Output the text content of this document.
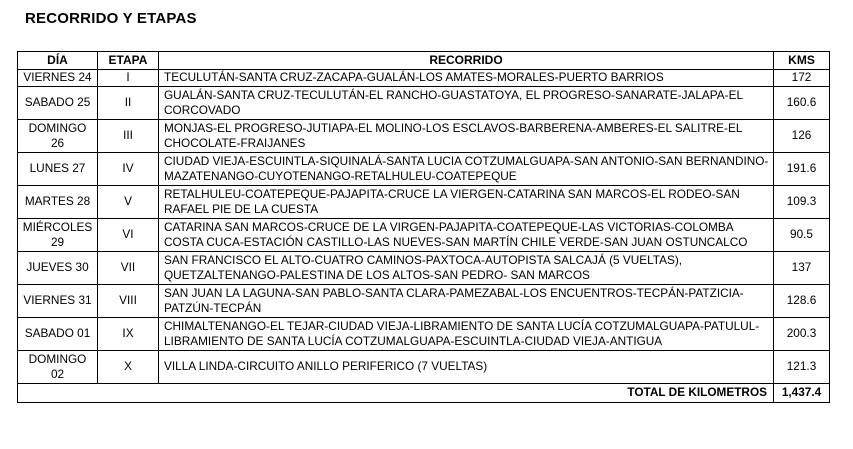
RECORRIDO Y ETAPAS
DÍA	ETAPA	RECORRIDO	KMS
VIERNES 24	I	TECULUTÁN-SANTA CRUZ-ZACAPA-GUALÁN-LOS AMATES-MORALES-PUERTO BARRIOS	172
SABADO 25	II	GUALÁN-SANTA CRUZ-TECULUTÁN-EL RANCHO-GUASTATOYA, EL PROGRESO-SANARATE-JALAPA-EL CORCOVADO	160.6
DOMINGO 26	III	MONJAS-EL PROGRESO-JUTIAPA-EL MOLINO-LOS ESCLAVOS-BARBERENA-AMBERES-EL SALITRE-EL CHOCOLATE-FRAIJANES	126
LUNES 27	IV	CIUDAD VIEJA-ESCUINTLA-SIQUINALÁ-SANTA LUCIA COTZUMALGUAPA-SAN ANTONIO-SAN BERNANDINO-MAZATENANGO-CUYOTENANGO-RETALHULEU-COATEPEQUE	191.6
MARTES 28	V	RETALHULEU-COATEPEQUE-PAJAPITA-CRUCE LA VIERGEN-CATARINA SAN MARCOS-EL RODEO-SAN RAFAEL PIE DE LA CUESTA	109.3
MIÉRCOLES 29	VI	CATARINA SAN MARCOS-CRUCE DE LA VIRGEN-PAJAPITA-COATEPEQUE-LAS VICTORIAS-COLOMBA COSTA CUCA-ESTACIÓN CASTILLO-LAS NUEVES-SAN MARTÍN CHILE VERDE-SAN JUAN OSTUNCALCO	90.5
JUEVES 30	VII	SAN FRANCISCO EL ALTO-CUATRO CAMINOS-PAXTOCA-AUTOPISTA SALCAJÁ (5 VUELTAS), QUETZALTENANGO-PALESTINA DE LOS ALTOS-SAN PEDRO- SAN MARCOS	137
VIERNES 31	VIII	SAN JUAN LA LAGUNA-SAN PABLO-SANTA CLARA-PAMEZABAL-LOS ENCUENTROS-TECPÁN-PATZICIA-PATZÚN-TECPÁN	128.6
SABADO 01	IX	CHIMALTENANGO-EL TEJAR-CIUDAD VIEJA-LIBRAMIENTO DE SANTA LUCÍA COTZUMALGUAPA-PATULUL-LIBRAMIENTO DE SANTA LUCÍA COTZUMALGUAPA-ESCUINTLA-CIUDAD VIEJA-ANTIGUA	200.3
DOMINGO 02	X	VILLA LINDA-CIRCUITO ANILLO PERIFERICO (7 VUELTAS)	121.3
TOTAL DE KILOMETROS			1,437.4
